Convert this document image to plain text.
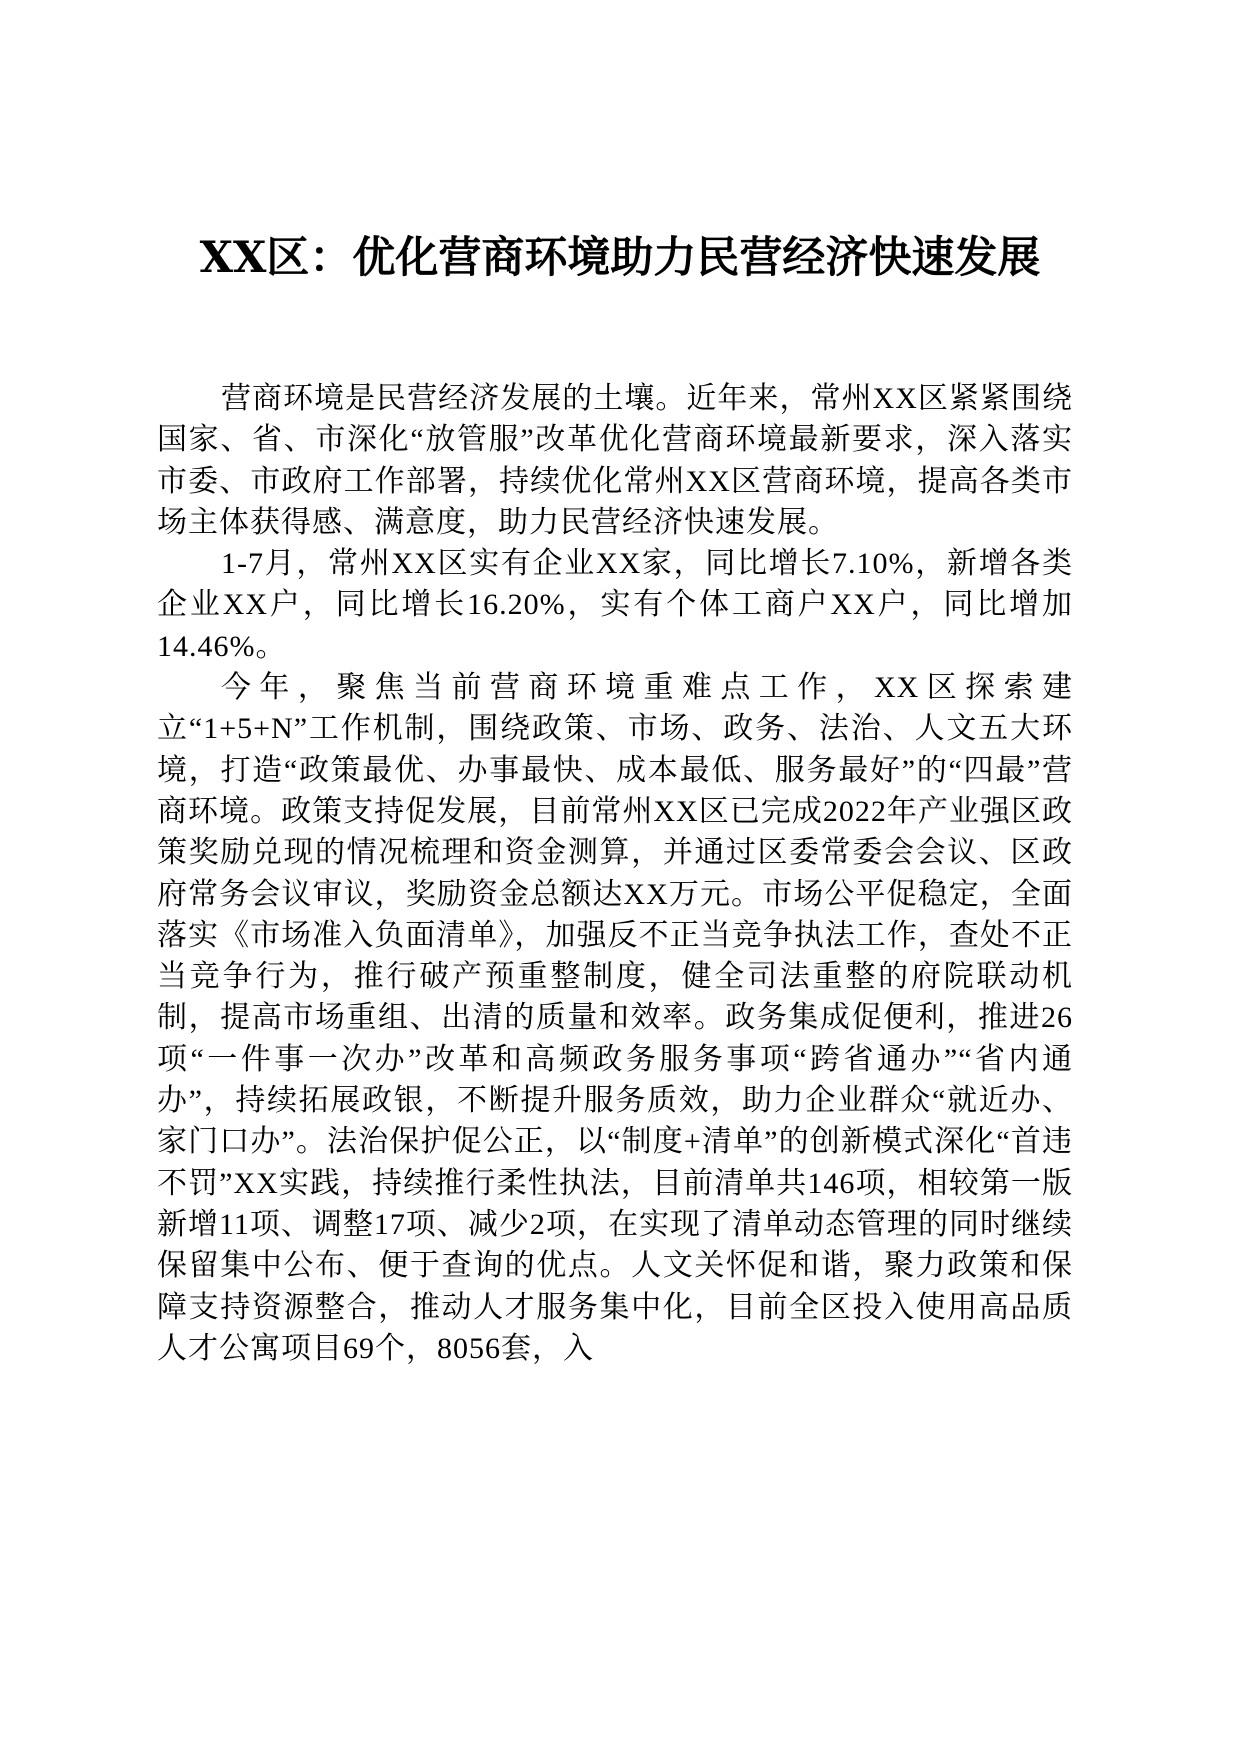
XX区：优化营商环境助力民营经济快速发展

营商环境是民营经济发展的土壤。近年来，常州XX区紧紧围绕国家、省、市深化“放管服”改革优化营商环境最新要求，深入落实市委、市政府工作部署，持续优化常州XX区营商环境，提高各类市场主体获得感、满意度，助力民营经济快速发展。

1-7月，常州XX区实有企业XX家，同比增长7.10%，新增各类企业XX户，同比增长16.20%，实有个体工商户XX户，同比增加14.46%。

今年，聚焦当前营商环境重难点工作，XX区探索建立“1+5+N”工作机制，围绕政策、市场、政务、法治、人文五大环境，打造“政策最优、办事最快、成本最低、服务最好”的“四最”营商环境。政策支持促发展，目前常州XX区已完成2022年产业强区政策奖励兑现的情况梳理和资金测算，并通过区委常委会会议、区政府常务会议审议，奖励资金总额达XX万元。市场公平促稳定，全面落实《市场准入负面清单》，加强反不正当竞争执法工作，查处不正当竞争行为，推行破产预重整制度，健全司法重整的府院联动机制，提高市场重组、出清的质量和效率。政务集成促便利，推进26项“一件事一次办”改革和高频政务服务事项“跨省通办”“省内通办”，持续拓展政银，不断提升服务质效，助力企业群众“就近办、家门口办”。法治保护促公正，以“制度+清单”的创新模式深化“首违不罚”XX实践，持续推行柔性执法，目前清单共146项，相较第一版新增11项、调整17项、减少2项，在实现了清单动态管理的同时继续保留集中公布、便于查询的优点。人文关怀促和谐，聚力政策和保障支持资源整合，推动人才服务集中化，目前全区投入使用高品质人才公寓项目69个，8056套，入
